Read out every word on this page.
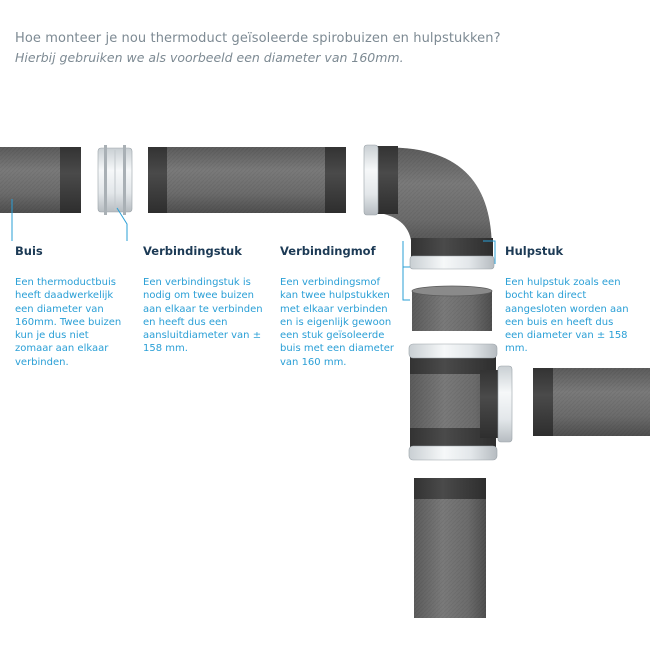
Hoe monteer je nou thermoduct geïsoleerde spirobuizen en hulpstukken?
Hierbij gebruiken we als voorbeeld een diameter van 160mm.
Buis
Een thermoductbuis heeft daadwerkelijk een diameter van 160mm. Twee buizen kun je dus niet zomaar aan elkaar verbinden.
Verbindingstuk
Een verbindingstuk is nodig om twee buizen aan elkaar te verbinden en heeft dus een aansluitdiameter van ± 158 mm.
Verbindingmof
Een verbindingsmof kan twee hulpstukken met elkaar verbinden en is eigenlijk gewoon een stuk geïsoleerde buis met een diameter van 160 mm.
Hulpstuk
Een hulpstuk zoals een bocht kan direct aangesloten worden aan een buis en heeft dus een diameter van ± 158 mm.
